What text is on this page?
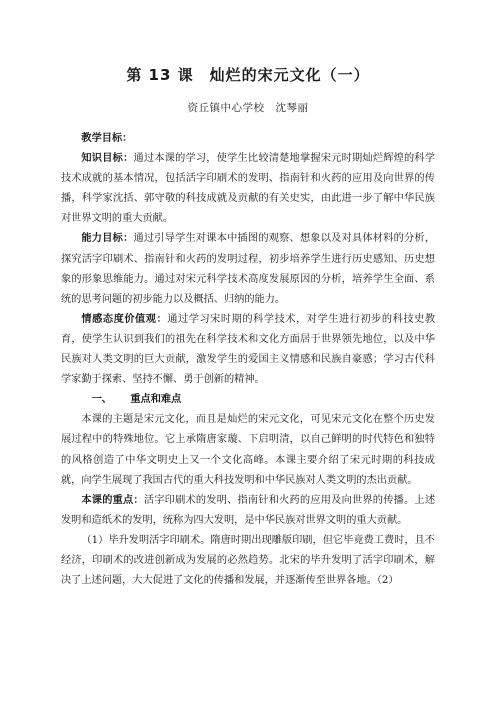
第 13 课　灿烂的宋元文化（一）
资丘镇中心学校　沈琴丽

教学目标：

知识目标：通过本课的学习，使学生比较清楚地掌握宋元时期灿烂辉煌的科学技术成就的基本情况，包括活字印刷术的发明、指南针和火药的应用及向世界的传播，科学家沈括、郭守敬的科技成就及贡献的有关史实，由此进一步了解中华民族对世界文明的重大贡献。

能力目标：通过引导学生对课本中插图的观察、想象以及对具体材料的分析，探究活字印刷术、指南针和火药的发明过程，初步培养学生进行历史感知、历史想象的形象思维能力。通过对宋元科学技术高度发展原因的分析，培养学生全面、系统的思考问题的初步能力以及概括、归纳的能力。

情感态度价值观：通过学习宋时期的科学技术，对学生进行初步的科技史教育，使学生认识到我们的祖先在科学技术和文化方面居于世界领先地位，以及中华民族对人类文明的巨大贡献，激发学生的爱国主义情感和民族自豪感；学习古代科学家勤于探索、坚持不懈、勇于创新的精神。

一、 重点和难点

本课的主题是宋元文化，而且是灿烂的宋元文化，可见宋元文化在整个历史发展过程中的特殊地位。它上承隋唐家璇、下启明清，以自己鲜明的时代特色和独特的风格创造了中华文明史上又一个文化高峰。本课主要介绍了宋元时期的科技成就，向学生展现了我国古代的重大科技发明和中华民族对人类文明的杰出贡献。

本课的重点：活字印刷术的发明、指南针和火药的应用及向世界的传播。上述发明和造纸术的发明，统称为四大发明，是中华民族对世界文明的重大贡献。

（1）毕升发明活字印刷术。隋唐时期出现雕版印刷，但它毕竟费工费时，且不经济，印刷术的改进创新成为发展的必然趋势。北宋的毕升发明了活字印刷术，解决了上述问题，大大促进了文化的传播和发展，并逐渐传至世界各地。（2）
